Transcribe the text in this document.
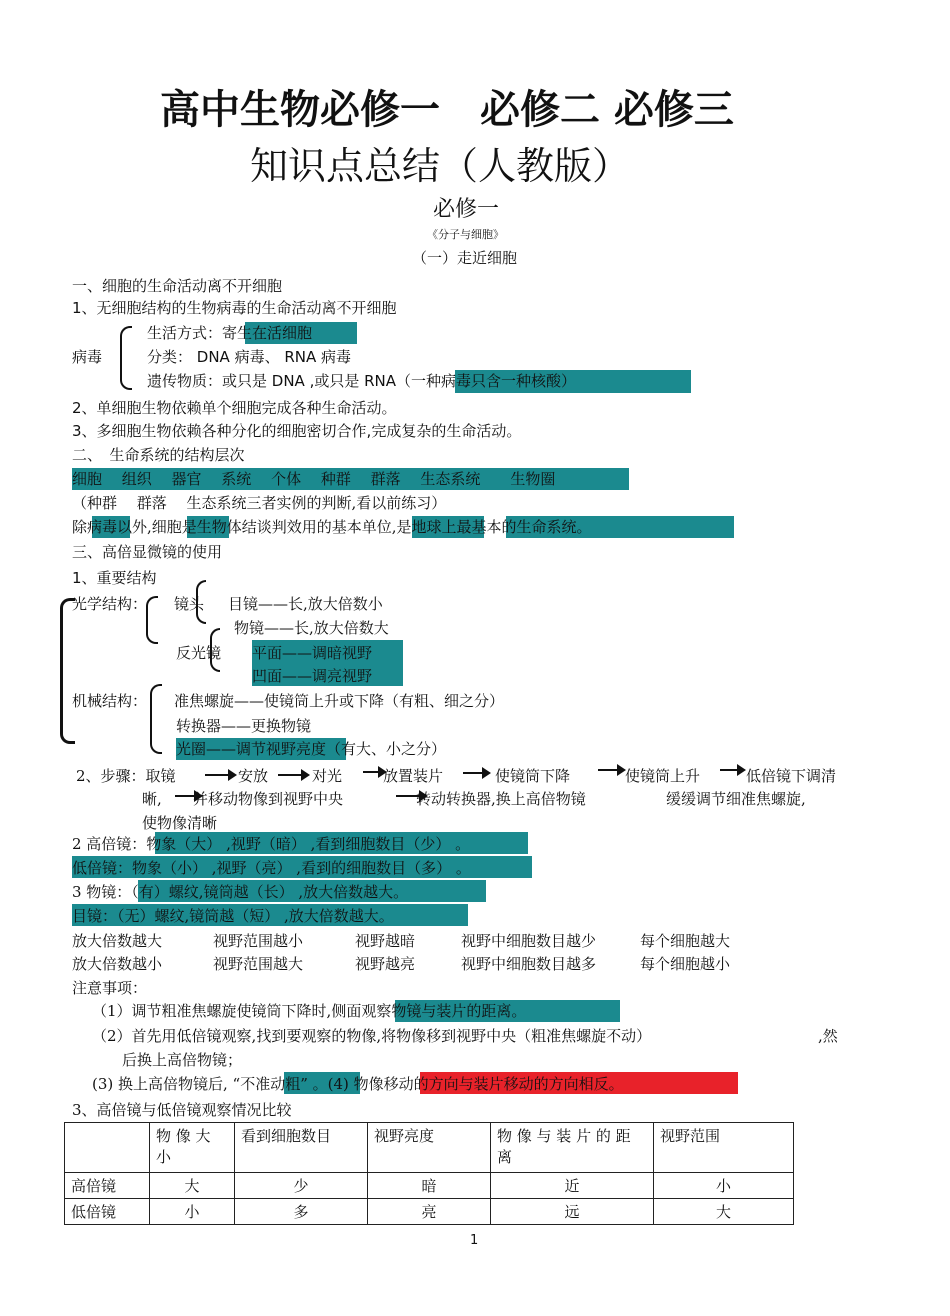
高中生物必修一　必修二 必修三
知识点总结（人教版）
必修一
《分子与细胞》
（一）走近细胞
一、细胞的生命活动离不开细胞
1、无细胞结构的生物病毒的生命活动离不开细胞
病毒
生活方式：寄生在活细胞
分类： DNA 病毒、 RNA 病毒
遗传物质：或只是 DNA ,或只是 RNA（一种病毒只含一种核酸）
2、单细胞生物依赖单个细胞完成各种生命活动。
3、多细胞生物依赖各种分化的细胞密切合作,完成复杂的生命活动。
二、　生命系统的结构层次
细胞　 组织　 器官　 系统　 个体　 种群　 群落　 生态系统　　生物圈
（种群　 群落　 生态系统三者实例的判断,看以前练习）
除病毒以外,细胞是生物体结谈判效用的基本单位,是地球上最基本的生命系统。
三、高倍显微镜的使用
1、重要结构
光学结构： 镜头 目镜——长,放大倍数小
物镜——长,放大倍数大
反光镜 平面——调暗视野
凹面——调亮视野
机械结构： 准焦螺旋——使镜筒上升或下降（有粗、细之分）
转换器——更换物镜
光圈——调节视野亮度（有大、小之分）
2、步骤：取镜	安放	对光	放置装片	使镜筒下降	使镜筒上升	低倍镜下调清
晰, 并移动物像到视野中央	转动转换器,换上高倍物镜	缓缓调节细准焦螺旋,
使物像清晰
2 高倍镜：物象（大） ,视野（暗） ,看到细胞数目（少） 。
低倍镜：物象（小） ,视野（亮） ,看到的细胞数目（多） 。
3 物镜：（有）螺纹,镜筒越（长） ,放大倍数越大。
目镜：（无）螺纹,镜筒越（短） ,放大倍数越大。
放大倍数越大	视野范围越小	视野越暗	视野中细胞数目越少	每个细胞越大
放大倍数越小	视野范围越大	视野越亮	视野中细胞数目越多	每个细胞越小
注意事项：
（1）调节粗准焦螺旋使镜筒下降时,侧面观察物镜与装片的距离。
（2）首先用低倍镜观察,找到要观察的物像,将物像移到视野中央（粗准焦螺旋不动）	,然
后换上高倍物镜；
(3) 换上高倍物镜后, “不准动粗” 。(4) 物像移动的方向与装片移动的方向相反。
3、高倍镜与低倍镜观察情况比较
	物 像 大 小	看到细胞数目	视野亮度	物 像 与 装 片 的 距 离	视野范围
高倍镜	大	少	暗	近	小
低倍镜	小	多	亮	远	大
1
